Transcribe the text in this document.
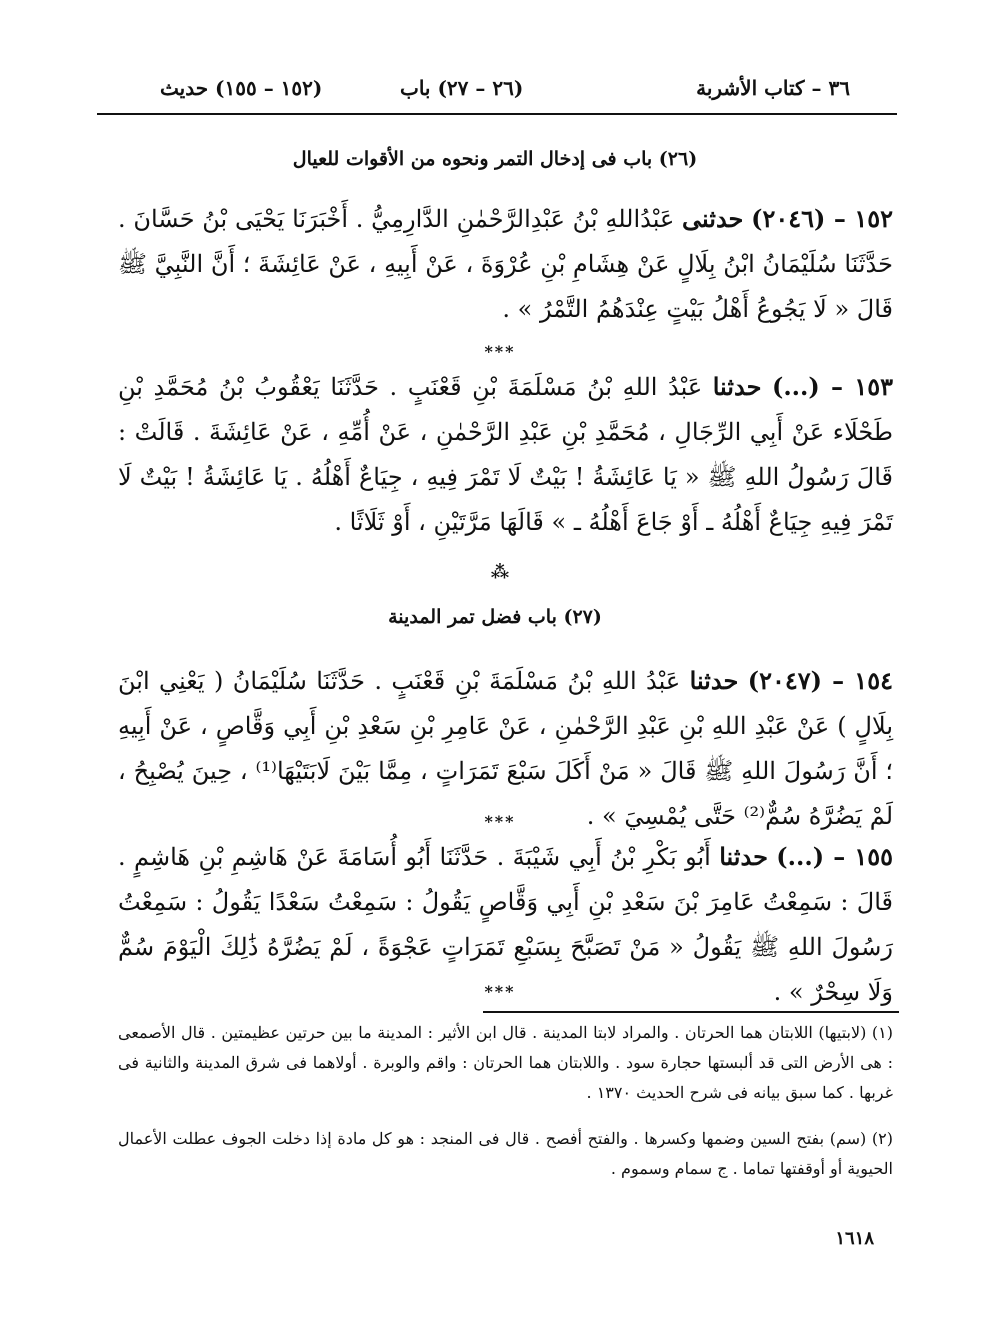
٣٦ – كتاب الأشربة
(٢٦ – ٢٧) باب
(١٥٢ – ١٥٥) حديث
(٢٦) باب فى إدخال التمر ونحوه من الأقوات للعيال
١٥٢ – (٢٠٤٦) حدثنى عَبْدُاللهِ بْنُ عَبْدِالرَّحْمٰنِ الدَّارِمِيُّ . أَخْبَرَنَا يَحْيَى بْنُ حَسَّانَ . حَدَّثَنَا سُلَيْمَانُ ابْنُ بِلَالٍ عَنْ هِشَامِ بْنِ عُرْوَةَ ، عَنْ أَبِيهِ ، عَنْ عَائِشَةَ ؛ أَنَّ النَّبِيَّ ﷺ قَالَ « لَا يَجُوعُ أَهْلُ بَيْتٍ عِنْدَهُمُ التَّمْرُ » .
***
١٥٣ – (...) حدثنا عَبْدُ اللهِ بْنُ مَسْلَمَةَ بْنِ قَعْنَبٍ . حَدَّثَنَا يَعْقُوبُ بْنُ مُحَمَّدِ بْنِ طَحْلَاء عَنْ أَبِي الرِّجَالِ ، مُحَمَّدِ بْنِ عَبْدِ الرَّحْمٰنِ ، عَنْ أُمِّهِ ، عَنْ عَائِشَةَ . قَالَتْ : قَالَ رَسُولُ اللهِ ﷺ « يَا عَائِشَةُ ! بَيْتٌ لَا تَمْرَ فِيهِ ، جِيَاعٌ أَهْلُهُ . يَا عَائِشَةُ ! بَيْتٌ لَا تَمْرَ فِيهِ جِيَاعٌ أَهْلُهُ ـ أَوْ جَاعَ أَهْلُهُ ـ » قَالَهَا مَرَّتَيْنِ ، أَوْ ثَلَاثًا .
⁂
(٢٧) باب فضل تمر المدينة
١٥٤ – (٢٠٤٧) حدثنا عَبْدُ اللهِ بْنُ مَسْلَمَةَ بْنِ قَعْنَبٍ . حَدَّثَنَا سُلَيْمَانُ ( يَعْنِي ابْنَ بِلَالٍ ) عَنْ عَبْدِ اللهِ بْنِ عَبْدِ الرَّحْمٰنِ ، عَنْ عَامِرِ بْنِ سَعْدِ بْنِ أَبِي وَقَّاصٍ ، عَنْ أَبِيهِ ؛ أَنَّ رَسُولَ اللهِ ﷺ قَالَ « مَنْ أَكَلَ سَبْعَ تَمَرَاتٍ ، مِمَّا بَيْنَ لَابَتَيْهَا⁽¹⁾ ، حِينَ يُصْبِحُ ، لَمْ يَضُرَّهُ سُمٌّ⁽²⁾ حَتَّى يُمْسِيَ » .
***
١٥٥ – (...) حدثنا أَبُو بَكْرِ بْنُ أَبِي شَيْبَةَ . حَدَّثَنَا أَبُو أُسَامَةَ عَنْ هَاشِمِ بْنِ هَاشِمٍ . قَالَ : سَمِعْتُ عَامِرَ بْنَ سَعْدِ بْنِ أَبِي وَقَّاصٍ يَقُولُ : سَمِعْتُ سَعْدًا يَقُولُ : سَمِعْتُ رَسُولَ اللهِ ﷺ يَقُولُ « مَنْ تَصَبَّحَ بِسَبْعِ تَمَرَاتٍ عَجْوَةً ، لَمْ يَضُرَّهُ ذَٰلِكَ الْيَوْمَ سُمٌّ وَلَا سِحْرٌ » .
***
(١) (لابتيها) اللابتان هما الحرتان . والمراد لابتا المدينة . قال ابن الأثير : المدينة ما بين حرتين عظيمتين . قال الأصمعى : هى الأرض التى قد ألبستها حجارة سود . واللابتان هما الحرتان : واقم والوبرة . أولاهما فى شرق المدينة والثانية فى غربها . كما سبق بيانه فى شرح الحديث ١٣٧٠ .
(٢) (سم) بفتح السين وضمها وكسرها . والفتح أفصح . قال فى المنجد : هو كل مادة إذا دخلت الجوف عطلت الأعمال الحيوية أو أوقفتها تماما . ج سمام وسموم .
١٦١٨
